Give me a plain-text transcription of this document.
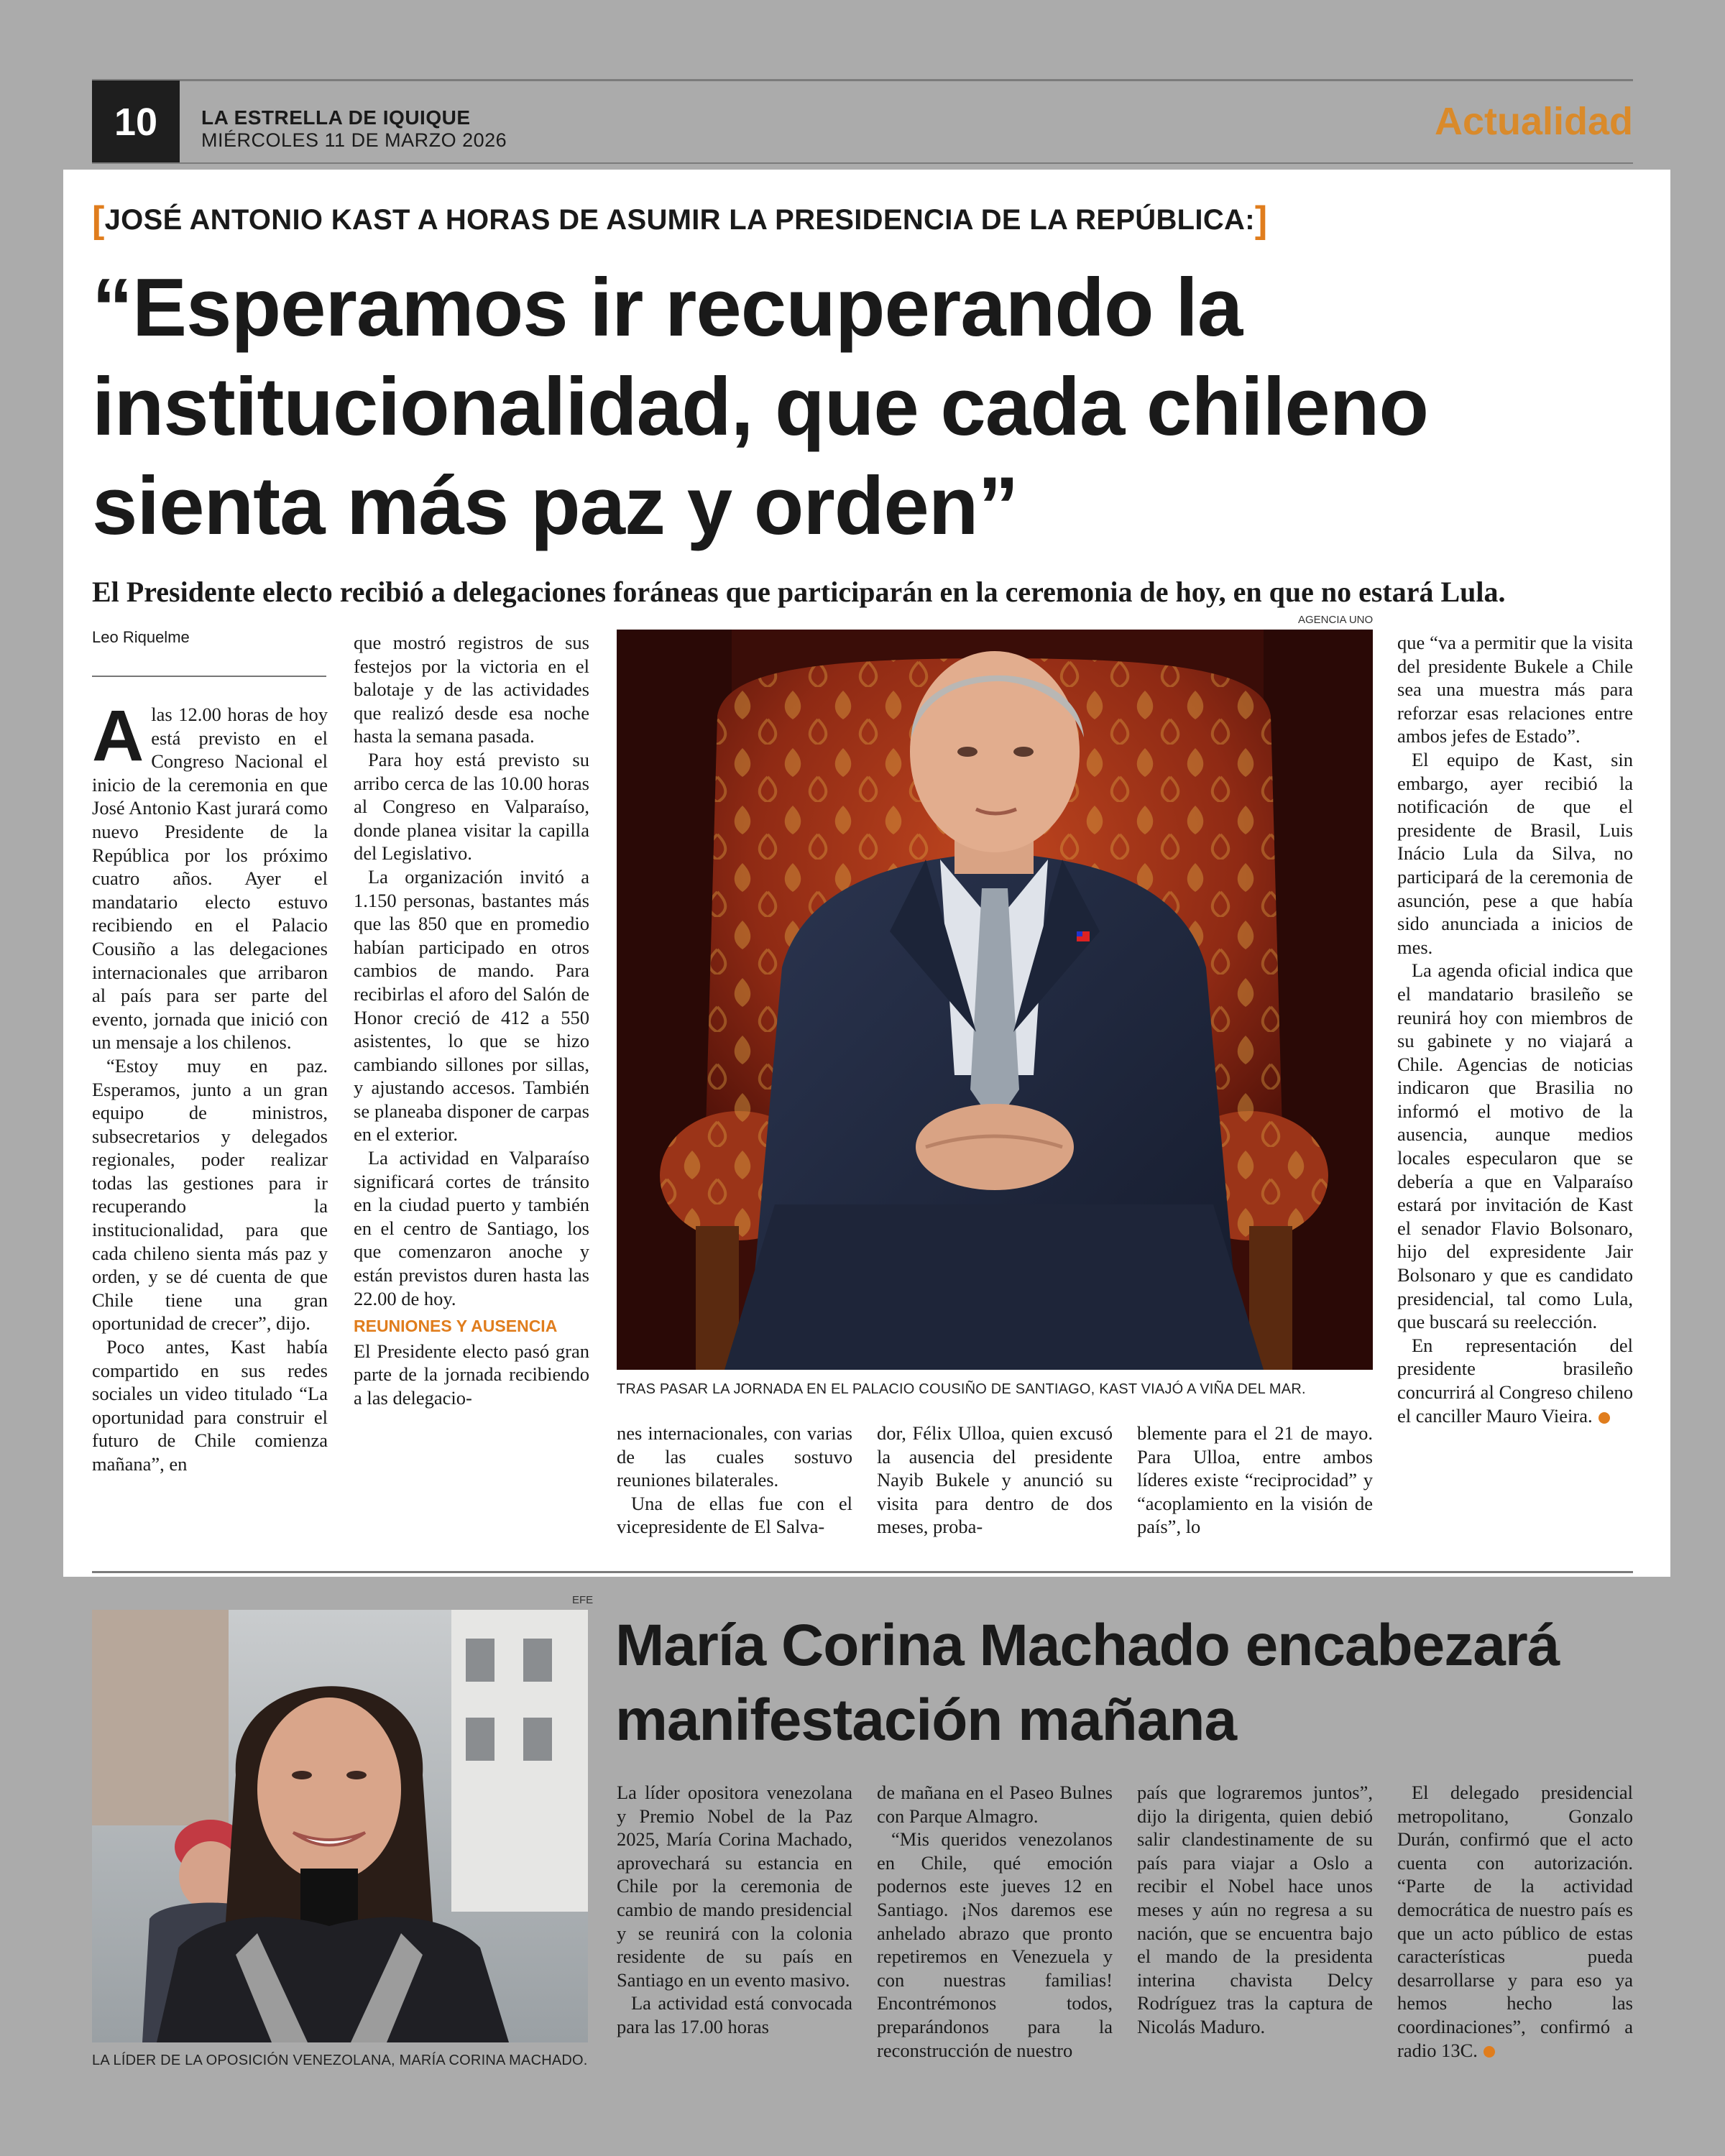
10	LA ESTRELLA DE IQUIQUE
MIÉRCOLES 11 DE MARZO 2026	Actualidad
[JOSÉ ANTONIO KAST A HORAS DE ASUMIR LA PRESIDENCIA DE LA REPÚBLICA:]
“Esperamos ir recuperando la
institucionalidad, que cada chileno
sienta más paz y orden”
El Presidente electo recibió a delegaciones foráneas que participarán en la ceremonia de hoy, en que no estará Lula.
Leo Riquelme

Alas 12.00 horas de hoy está previsto en el Congreso Nacional el inicio de la ceremonia en que José Antonio Kast jurará como nuevo Presidente de la República por los próximo cuatro años. Ayer el mandatario electo estuvo recibiendo en el Palacio Cousiño a las delegaciones internacionales que arribaron al país para ser parte del evento, jornada que inició con un mensaje a los chilenos.

“Estoy muy en paz. Esperamos, junto a un gran equipo de ministros, subsecretarios y delegados regionales, poder realizar todas las gestiones para ir recuperando la institucionalidad, para que cada chileno sienta más paz y orden, y se dé cuenta de que Chile tiene una gran oportunidad de crecer”, dijo.

Poco antes, Kast había compartido en sus redes sociales un video titulado “La oportunidad para construir el futuro de Chile comienza mañana”, en

que mostró registros de sus festejos por la victoria en el balotaje y de las actividades que realizó desde esa noche hasta la semana pasada.

Para hoy está previsto su arribo cerca de las 10.00 horas al Congreso en Valparaíso, donde planea visitar la capilla del Legislativo.

La organización invitó a 1.150 personas, bastantes más que las 850 que en promedio habían participado en otros cambios de mando. Para recibirlas el aforo del Salón de Honor creció de 412 a 550 asistentes, lo que se hizo cambiando sillones por sillas, y ajustando accesos. También se planeaba disponer de carpas en el exterior.

La actividad en Valparaíso significará cortes de tránsito en la ciudad puerto y también en el centro de Santiago, los que comenzaron anoche y están previstos duren hasta las 22.00 de hoy.

REUNIONES Y AUSENCIA

El Presidente electo pasó gran parte de la jornada recibiendo a las delegacio-

AGENCIA UNO
TRAS PASAR LA JORNADA EN EL PALACIO COUSIÑO DE SANTIAGO, KAST VIAJÓ A VIÑA DEL MAR.

nes internacionales, con varias de las cuales sostuvo reuniones bilaterales.

Una de ellas fue con el vicepresidente de El Salva-

dor, Félix Ulloa, quien excusó la ausencia del presidente Nayib Bukele y anunció su visita para dentro de dos meses, proba-

blemente para el 21 de mayo. Para Ulloa, entre ambos líderes existe “reciprocidad” y “acoplamiento en la visión de país”, lo

que “va a permitir que la visita del presidente Bukele a Chile sea una muestra más para reforzar esas relaciones entre ambos jefes de Estado”.

El equipo de Kast, sin embargo, ayer recibió la notificación de que el presidente de Brasil, Luis Inácio Lula da Silva, no participará de la ceremonia de asunción, pese a que había sido anunciada a inicios de mes.

La agenda oficial indica que el mandatario brasileño se reunirá hoy con miembros de su gabinete y no viajará a Chile. Agencias de noticias indicaron que Brasilia no informó el motivo de la ausencia, aunque medios locales especularon que se debería a que en Valparaíso estará por invitación de Kast el senador Flavio Bolsonaro, hijo del expresidente Jair Bolsonaro y que es candidato presidencial, tal como Lula, que buscará su reelección.

En representación del presidente brasileño concurrirá al Congreso chileno el canciller Mauro Vieira.

EFE
LA LÍDER DE LA OPOSICIÓN VENEZOLANA, MARÍA CORINA MACHADO.
María Corina Machado encabezará
manifestación mañana

La líder opositora venezolana y Premio Nobel de la Paz 2025, María Corina Machado, aprovechará su estancia en Chile por la ceremonia de cambio de mando presidencial y se reunirá con la colonia residente de su país en Santiago en un evento masivo.

La actividad está convocada para las 17.00 horas

de mañana en el Paseo Bulnes con Parque Almagro.

“Mis queridos venezolanos en Chile, qué emoción podernos este jueves 12 en Santiago. ¡Nos daremos ese anhelado abrazo que pronto repetiremos en Venezuela y con nuestras familias! Encontrémonos todos, preparándonos para la reconstrucción de nuestro

país que lograremos juntos”, dijo la dirigenta, quien debió salir clandestinamente de su país para viajar a Oslo a recibir el Nobel hace unos meses y aún no regresa a su nación, que se encuentra bajo el mando de la presidenta interina chavista Delcy Rodríguez tras la captura de Nicolás Maduro.

El delegado presidencial metropolitano, Gonzalo Durán, confirmó que el acto cuenta con autorización. “Parte de la actividad democrática de nuestro país es que un acto público de estas características pueda desarrollarse y para eso ya hemos hecho las coordinaciones”, confirmó a radio 13C.
